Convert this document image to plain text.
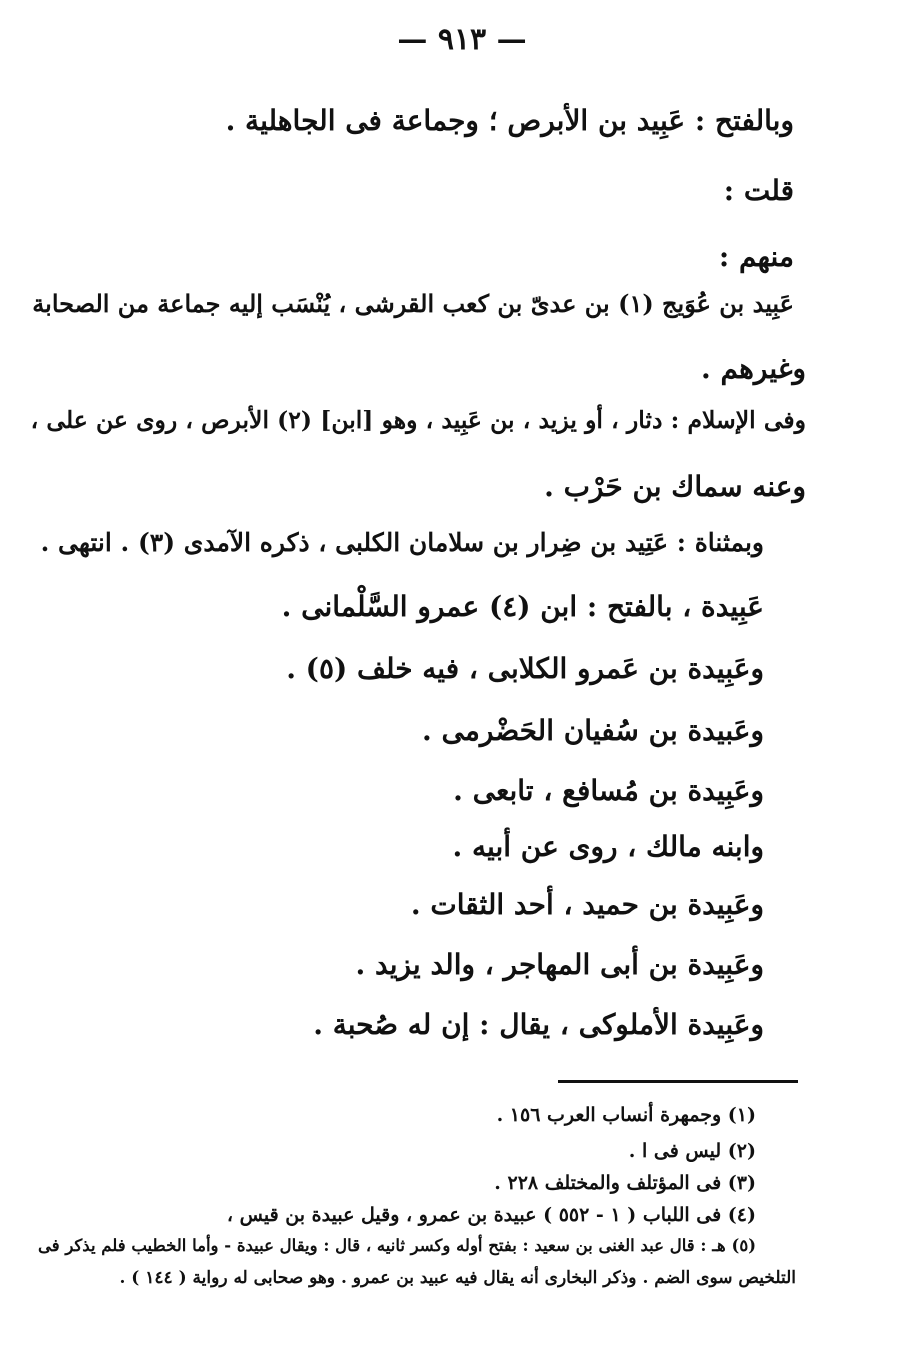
— ٩١٣ —
وبالفتح : عَبِيد بن الأبرص ؛ وجماعة فى الجاهلية .
قلت :
منهم :
عَبِيد بن عُوَيج (١) بن عدىّ بن كعب القرشى ، يُنْسَب إليه جماعة من الصحابة
وغيرهم .
وفى الإسلام : دثار ، أو يزيد ، بن عَبِيد ، وهو [ابن] (٢) الأبرص ، روى عن على ،
وعنه سماك بن حَرْب .
وبمثناة : عَتِيد بن ضِرار بن سلامان الكلبى ، ذكره الآمدى (٣) . انتهى .
عَبِيدة ، بالفتح : ابن (٤) عمرو السَّلْمانى .
وعَبِيدة بن عَمرو الكلابى ، فيه خلف (٥) .
وعَبيدة بن سُفيان الحَضْرمى .
وعَبِيدة بن مُسافع ، تابعى .
وابنه مالك ، روى عن أبيه .
وعَبِيدة بن حميد ، أحد الثقات .
وعَبِيدة بن أبى المهاجر ، والد يزيد .
وعَبِيدة الأملوكى ، يقال : إن له صُحبة .
(١) وجمهرة أنساب العرب ١٥٦ .
(٢) ليس فى ا .
(٣) فى المؤتلف والمختلف ٢٢٨ .
(٤) فى اللباب ( ١ - ٥٥٢ ) عبيدة بن عمرو ، وقيل عبيدة بن قيس ،
(٥) هـ : قال عبد الغنى بن سعيد : بفتح أوله وكسر ثانيه ، قال : ويقال عبيدة - وأما الخطيب فلم يذكر فى
التلخيص سوى الضم . وذكر البخارى أنه يقال فيه عبيد بن عمرو . وهو صحابى له رواية ( ١٤٤ ) .
